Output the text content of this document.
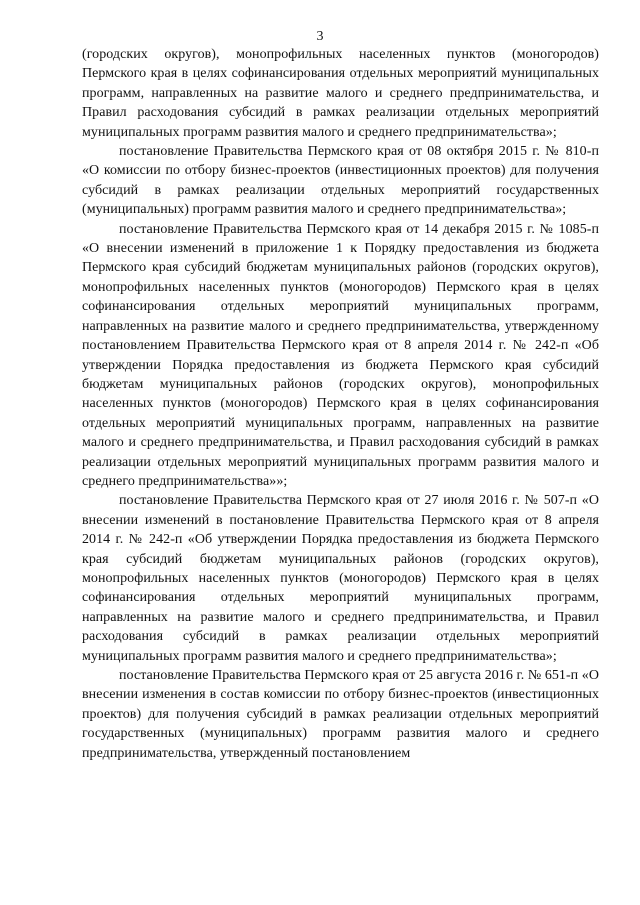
3

(городских округов), монопрофильных населенных пунктов (моногородов) Пермского края в целях софинансирования отдельных мероприятий муниципальных программ, направленных на развитие малого и среднего предпринимательства, и Правил расходования субсидий в рамках реализации отдельных мероприятий муниципальных программ развития малого и среднего предпринимательства»;

постановление Правительства Пермского края от 08 октября 2015 г. № 810-п «О комиссии по отбору бизнес-проектов (инвестиционных проектов) для получения субсидий в рамках реализации отдельных мероприятий государственных (муниципальных) программ развития малого и среднего предпринимательства»;

постановление Правительства Пермского края от 14 декабря 2015 г. № 1085-п «О внесении изменений в приложение 1 к Порядку предоставления из бюджета Пермского края субсидий бюджетам муниципальных районов (городских округов), монопрофильных населенных пунктов (моногородов) Пермского края в целях софинансирования отдельных мероприятий муниципальных программ, направленных на развитие малого и среднего предпринимательства, утвержденному постановлением Правительства Пермского края от 8 апреля 2014 г. № 242-п «Об утверждении Порядка предоставления из бюджета Пермского края субсидий бюджетам муниципальных районов (городских округов), монопрофильных населенных пунктов (моногородов) Пермского края в целях софинансирования отдельных мероприятий муниципальных программ, направленных на развитие малого и среднего предпринимательства, и Правил расходования субсидий в рамках реализации отдельных мероприятий муниципальных программ развития малого и среднего предпринимательства»»;

постановление Правительства Пермского края от 27 июля 2016 г. № 507-п «О внесении изменений в постановление Правительства Пермского края от 8 апреля 2014 г. № 242-п «Об утверждении Порядка предоставления из бюджета Пермского края субсидий бюджетам муниципальных районов (городских округов), монопрофильных населенных пунктов (моногородов) Пермского края в целях софинансирования отдельных мероприятий муниципальных программ, направленных на развитие малого и среднего предпринимательства, и Правил расходования субсидий в рамках реализации отдельных мероприятий муниципальных программ развития малого и среднего предпринимательства»;

постановление Правительства Пермского края от 25 августа 2016 г. № 651-п «О внесении изменения в состав комиссии по отбору бизнес-проектов (инвестиционных проектов) для получения субсидий в рамках реализации отдельных мероприятий государственных (муниципальных) программ развития малого и среднего предпринимательства, утвержденный постановлением
